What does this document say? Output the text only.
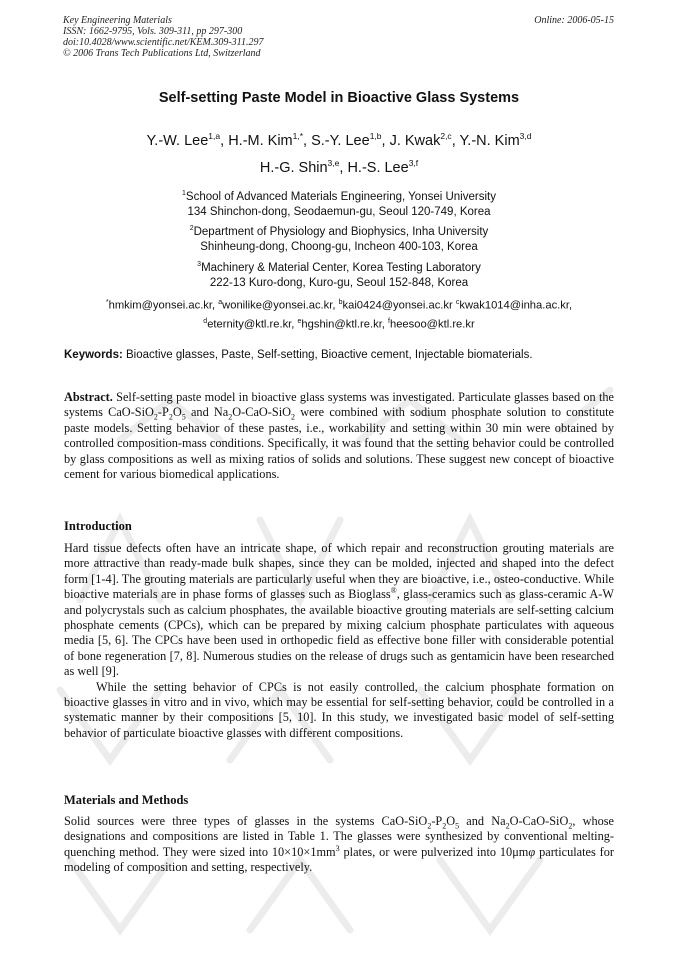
Key Engineering Materials
ISSN: 1662-9795, Vols. 309-311, pp 297-300
doi:10.4028/www.scientific.net/KEM.309-311.297
© 2006 Trans Tech Publications Ltd, Switzerland
Online: 2006-05-15
Self-setting Paste Model in Bioactive Glass Systems
Y.-W. Lee$^{1,a}$, H.-M. Kim$^{1,*}$, S.-Y. Lee$^{1,b}$, J. Kwak$^{2,c}$, Y.-N. Kim$^{3,d}$
H.-G. Shin$^{3,e}$, H.-S. Lee$^{3,f}$
$^1$School of Advanced Materials Engineering, Yonsei University
134 Shinchon-dong, Seodaemun-gu, Seoul 120-749, Korea
$^2$Department of Physiology and Biophysics, Inha University
Shinheung-dong, Choong-gu, Incheon 400-103, Korea
$^3$Machinery & Material Center, Korea Testing Laboratory
222-13 Kuro-dong, Kuro-gu, Seoul 152-848, Korea
*hmkim@yonsei.ac.kr, $^a$wonilike@yonsei.ac.kr, $^b$kai0424@yonsei.ac.kr $^c$kwak1014@inha.ac.kr,
$^d$eternity@ktl.re.kr, $^e$hgshin@ktl.re.kr, $^f$heesoo@ktl.re.kr
Keywords: Bioactive glasses, Paste, Self-setting, Bioactive cement, Injectable biomaterials.
Abstract. Self-setting paste model in bioactive glass systems was investigated. Particulate glasses based on the systems CaO-$SiO_2-P_2O_5$ and $Na_2O-CaO-SiO_2$ were combined with sodium phosphate solution to constitute paste models. Setting behavior of these pastes, i.e., workability and setting within 30 min were obtained by controlled composition-mass conditions. Specifically, it was found that the setting behavior could be controlled by glass compositions as well as mixing ratios of solids and solutions. These suggest new concept of bioactive cement for various biomedical applications.
Introduction

Hard tissue defects often have an intricate shape, of which repair and reconstruction grouting materials are more attractive than ready-made bulk shapes, since they can be molded, injected and shaped into the defect form [1-4]. The grouting materials are particularly useful when they are bioactive, i.e., osteo-conductive. While bioactive materials are in phase forms of glasses such as Bioglass®, glass-ceramics such as glass-ceramic A-W and polycrystals such as calcium phosphates, the available bioactive grouting materials are self-setting calcium phosphate cements (CPCs), which can be prepared by mixing calcium phosphate particulates with aqueous media [5, 6]. The CPCs have been used in orthopedic field as effective bone filler with considerable potential of bone regeneration [7, 8]. Numerous studies on the release of drugs such as gentamicin have been researched as well [9].

While the setting behavior of CPCs is not easily controlled, the calcium phosphate formation on bioactive glasses in vitro and in vivo, which may be essential for self-setting behavior, could be controlled in a systematic manner by their compositions [5, 10]. In this study, we investigated basic model of self-setting behavior of particulate bioactive glasses with different compositions.

Materials and Methods
Solid sources were three types of glasses in the systems CaO-$SiO_2-P_2O_5$ and $Na_2O-CaO-SiO_2$, whose designations and compositions are listed in Table 1. The glasses were synthesized by conventional melting-quenching method. They were sized into $10\times 10\times 1mm^3$ plates, or were pulverized into 10μmφ particulates for modeling of composition and setting, respectively.
